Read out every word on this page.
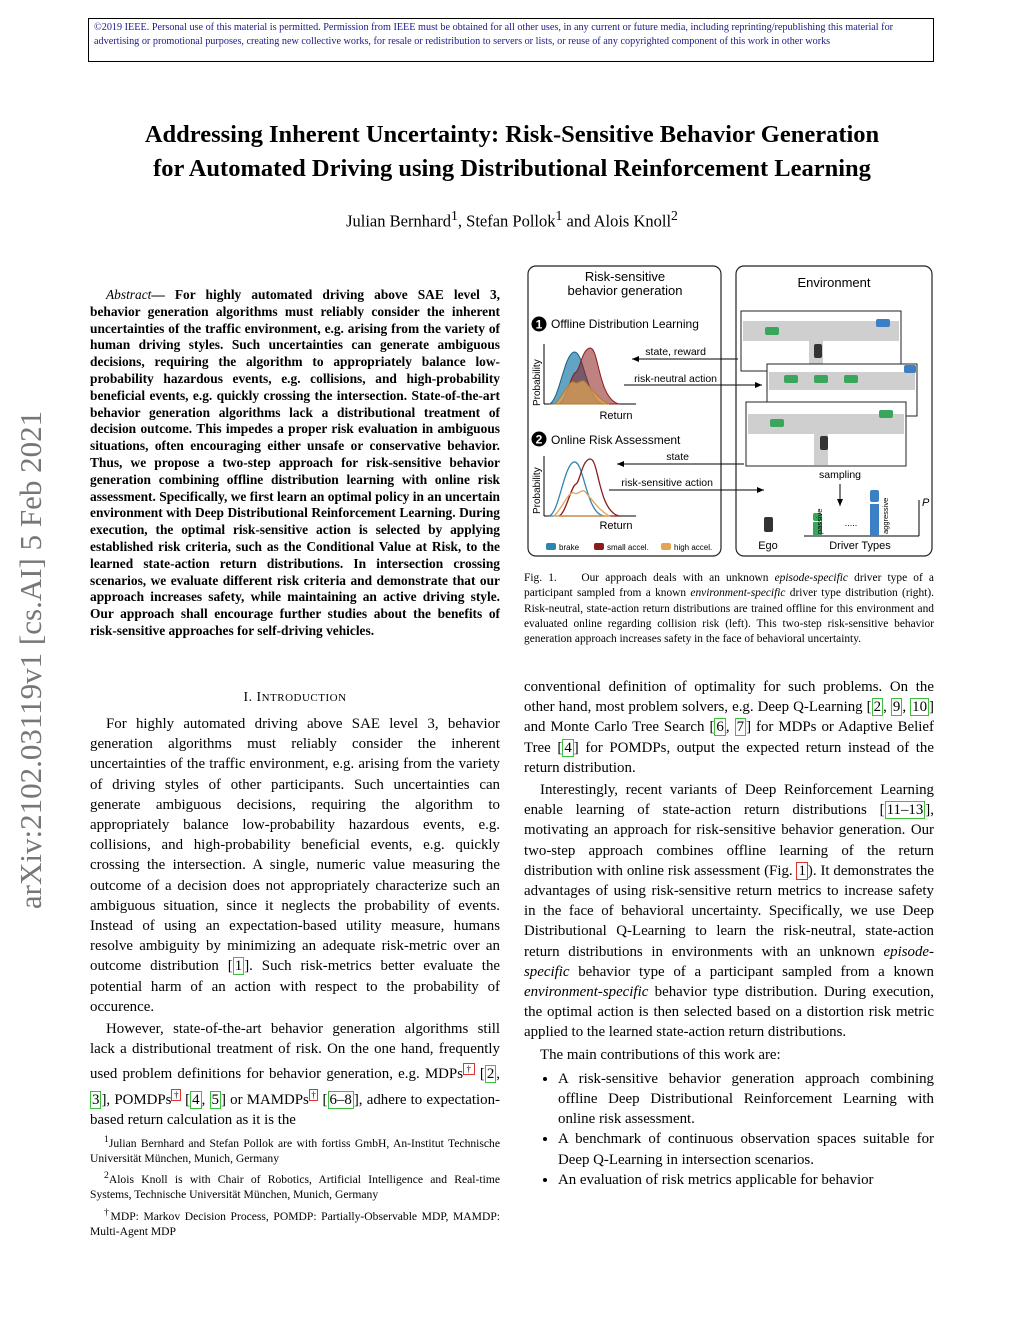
©2019 IEEE. Personal use of this material is permitted. Permission from IEEE must be obtained for all other uses, in any current or future media, including reprinting/republishing this material for advertising or promotional purposes, creating new collective works, for resale or redistribution to servers or lists, or reuse of any copyrighted component of this work in other works
arXiv:2102.03119v1 [cs.AI] 5 Feb 2021
Addressing Inherent Uncertainty: Risk-Sensitive Behavior Generation
for Automated Driving using Distributional Reinforcement Learning
Julian Bernhard$^1$, Stefan Pollok$^1$ and Alois Knoll$^2$
Abstract— For highly automated driving above SAE level 3, behavior generation algorithms must reliably consider the inherent uncertainties of the traffic environment, e.g. arising from the variety of human driving styles. Such uncertainties can generate ambiguous decisions, requiring the algorithm to appropriately balance low-probability hazardous events, e.g. collisions, and high-probability beneficial events, e.g. quickly crossing the intersection. State-of-the-art behavior generation algorithms lack a distributional treatment of decision outcome. This impedes a proper risk evaluation in ambiguous situations, often encouraging either unsafe or conservative behavior. Thus, we propose a two-step approach for risk-sensitive behavior generation combining offline distribution learning with online risk assessment. Specifically, we first learn an optimal policy in an uncertain environment with Deep Distributional Reinforcement Learning. During execution, the optimal risk-sensitive action is selected by applying established risk criteria, such as the Conditional Value at Risk, to the learned state-action return distributions. In intersection crossing scenarios, we evaluate different risk criteria and demonstrate that our approach increases safety, while maintaining an active driving style. Our approach shall encourage further studies about the benefits of risk-sensitive approaches for self-driving vehicles.
I. INTRODUCTION

For highly automated driving above SAE level 3, behavior generation algorithms must reliably consider the inherent uncertainties of the traffic environment, e.g. arising from the variety of driving styles of other participants. Such uncertainties can generate ambiguous decisions, requiring the algorithm to appropriately balance low-probability hazardous events, e.g. collisions, and high-probability beneficial events, e.g. quickly crossing the intersection. A single, numeric value measuring the outcome of a decision does not appropriately characterize such an ambiguous situation, since it neglects the probability of events. Instead of using an expectation-based utility measure, humans resolve ambiguity by minimizing an adequate risk-metric over an outcome distribution [ 1 ]. Such risk-metrics better evaluate the potential harm of an action with respect to the probability of occurence.

However, state-of-the-art behavior generation algorithms still lack a distributional treatment of risk. On the one hand, frequently used problem definitions for behavior generation, e.g. MDPs † [ 2 , 3 ], POMDPs † [ 4 , 5 ] or MAMDPs † [ 6–8 ], adhere to expectation-based return calculation as it is the

$^1$Julian Bernhard and Stefan Pollok are with fortiss GmbH, An-Institut Technische Universität München, Munich, Germany

$^2$Alois Knoll is with Chair of Robotics, Artificial Intelligence and Real-time Systems, Technische Universität München, Munich, Germany

†MDP: Markov Decision Process, POMDP: Partially-Observable MDP, MAMDP: Multi-Agent MDP

Risk-sensitive
behavior generation
1 Offline Distribution Learning
Probability
Return
2 Online Risk Assessment
Probability
Return
brake	small accel.	high accel.
state, reward
risk-neutral action
state
risk-sensitive action
Environment
sampling
Ego
P
passive .....	aggressive
Driver Types
Fig. 1. Our approach deals with an unknown episode-specific driver type of a participant sampled from a known environment-specific driver type distribution (right). Risk-neutral, state-action return distributions are trained offline for this environment and evaluated online regarding collision risk (left). This two-step risk-sensitive behavior generation approach increases safety in the face of behavioral uncertainty.

conventional definition of optimality for such problems. On the other hand, most problem solvers, e.g. Deep Q-Learning [ 2 , 9 , 10 ] and Monte Carlo Tree Search [ 6 , 7 ] for MDPs or Adaptive Belief Tree [ 4 ] for POMDPs, output the expected return instead of the return distribution.

Interestingly, recent variants of Deep Reinforcement Learning enable learning of state-action return distributions [ 11–13 ], motivating an approach for risk-sensitive behavior generation. Our two-step approach combines offline learning of the return distribution with online risk assessment (Fig. 1 ). It demonstrates the advantages of using risk-sensitive return metrics to increase safety in the face of behavioral uncertainty. Specifically, we use Deep Distributional Q-Learning to learn the risk-neutral, state-action return distributions in environments with an unknown episode-specific behavior type of a participant sampled from a known environment-specific behavior type distribution. During execution, the optimal action is then selected based on a distortion risk metric applied to the learned state-action return distributions.

The main contributions of this work are:

• A risk-sensitive behavior generation approach combining offline Deep Distributional Reinforcement Learning with online risk assessment.
• A benchmark of continuous observation spaces suitable for Deep Q-Learning in intersection scenarios.
• An evaluation of risk metrics applicable for behavior
